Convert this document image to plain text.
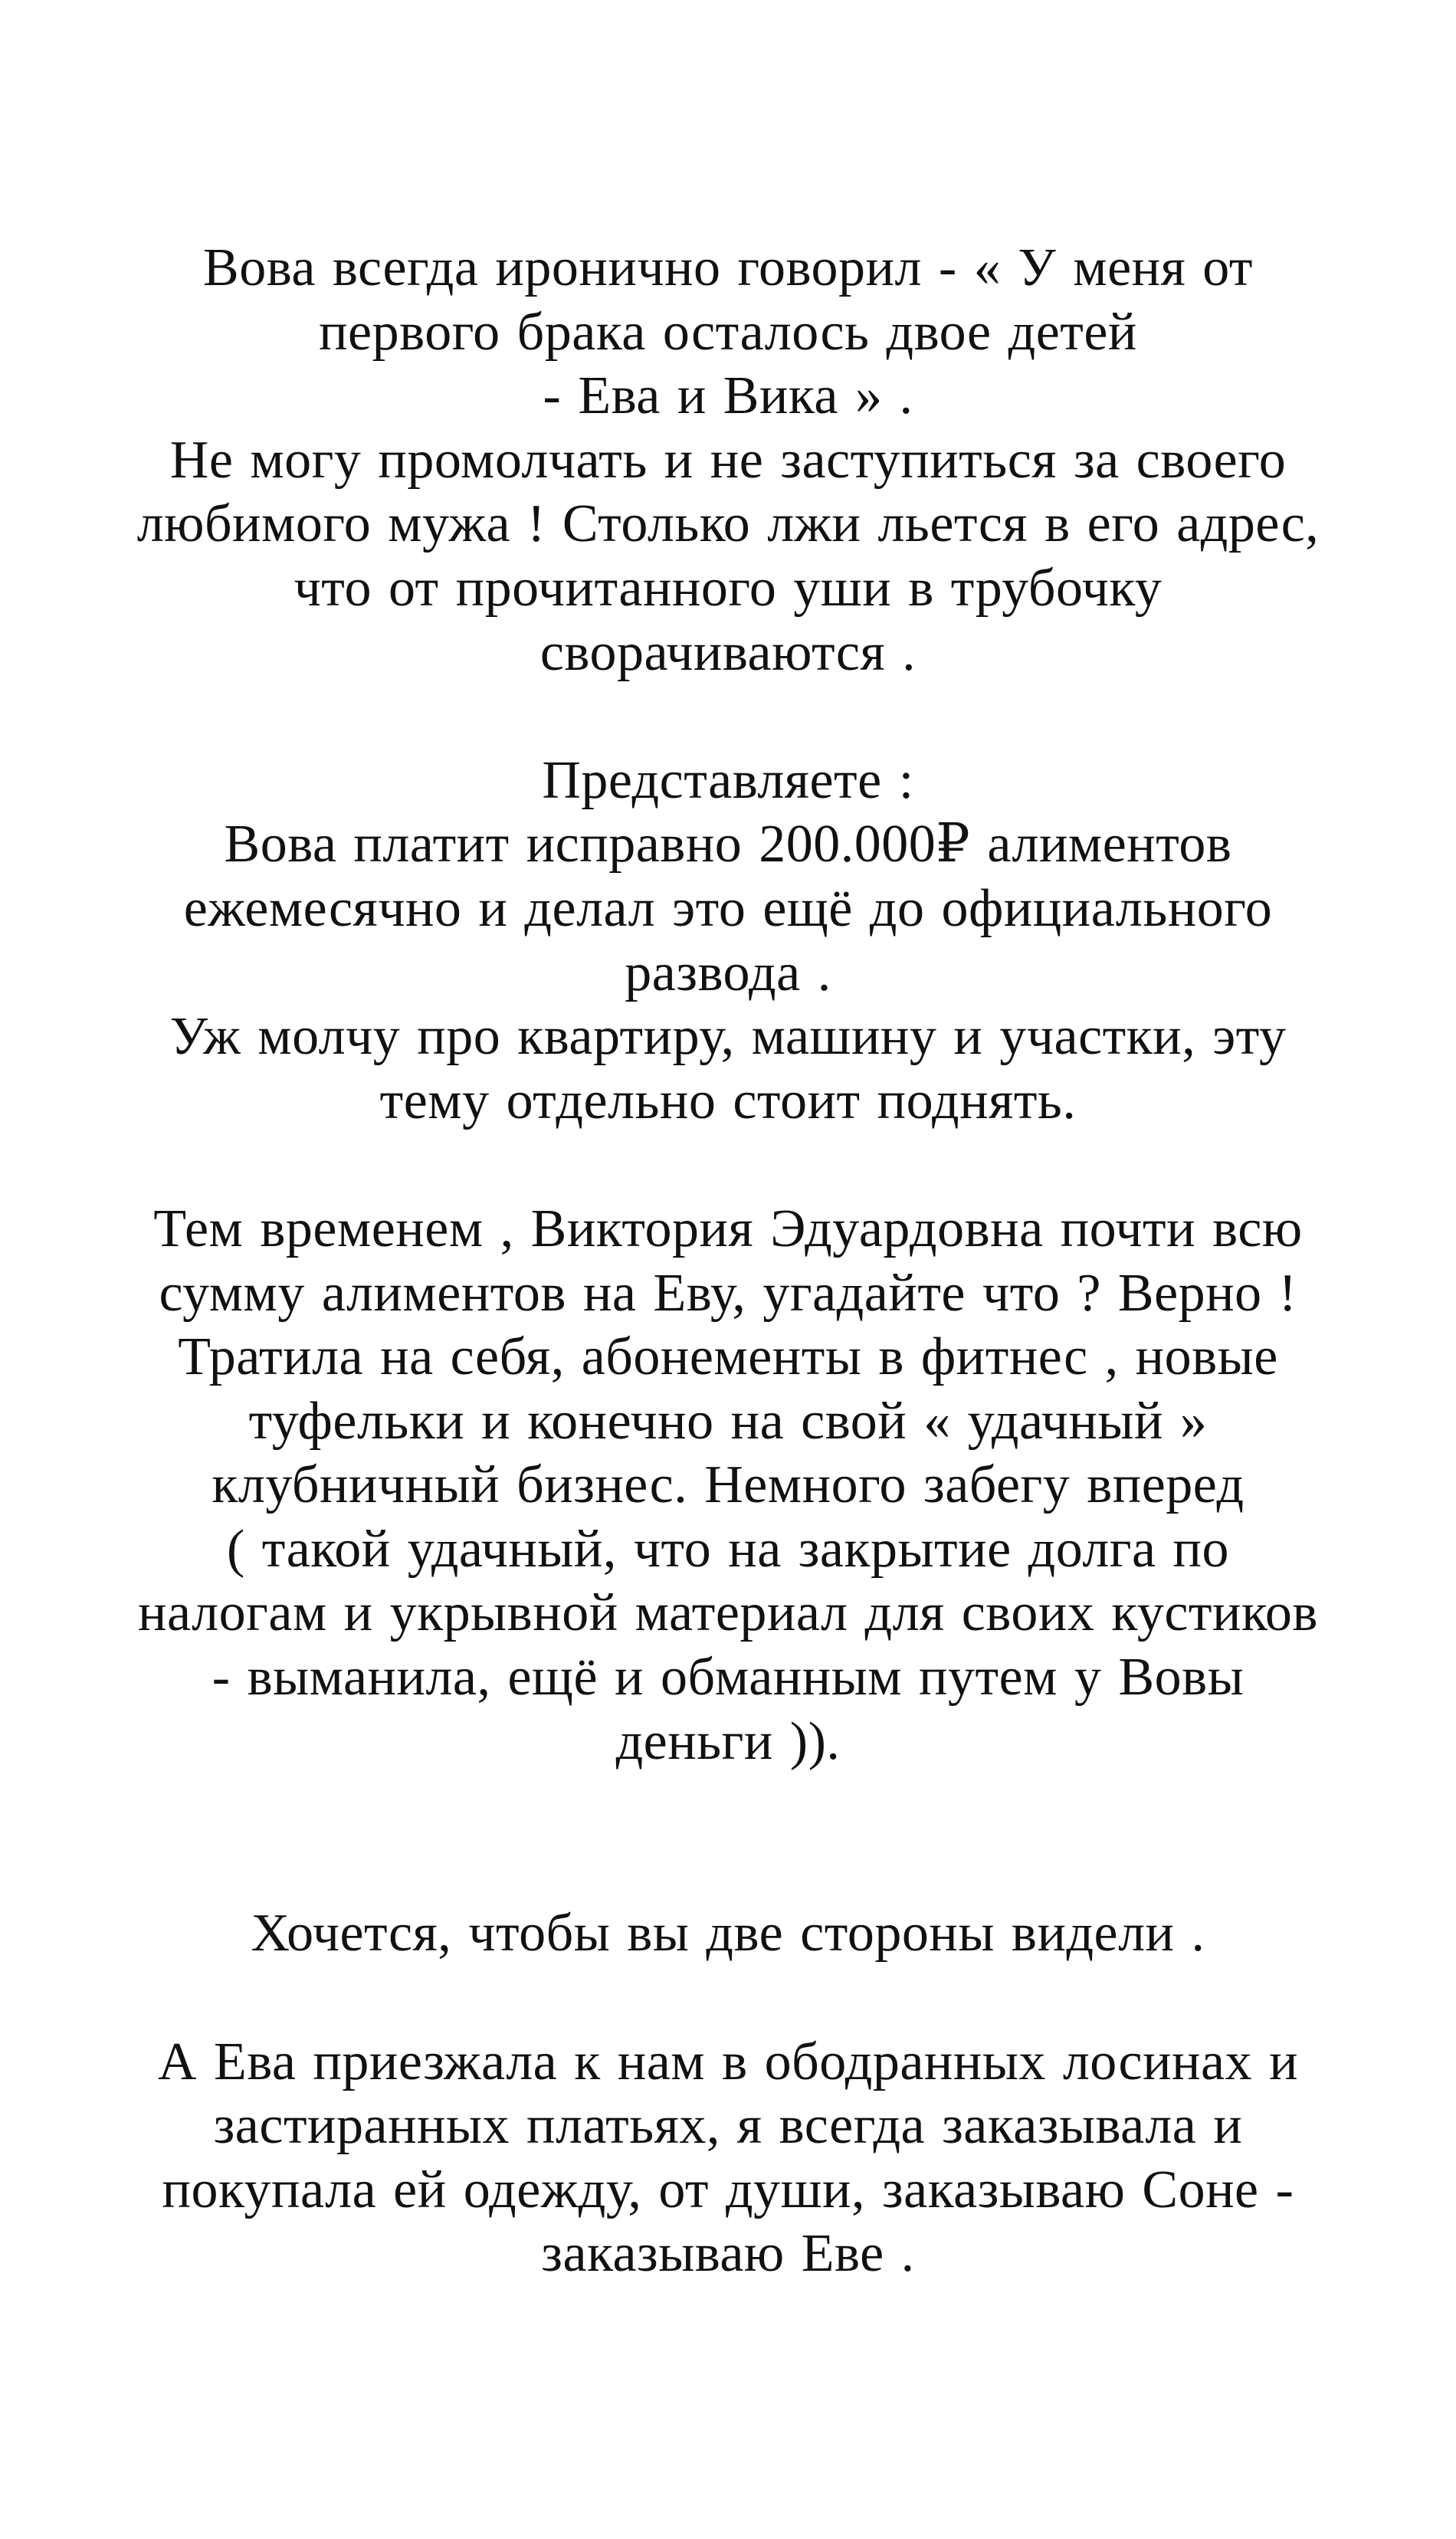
Вова всегда иронично говорил - « У меня от
первого брака осталось двое детей
- Ева и Вика » .
Не могу промолчать и не заступиться за своего
любимого мужа ! Столько лжи льется в его адрес,
что от прочитанного уши в трубочку
сворачиваются .
Представляете :
Вова платит исправно 200.000₽ алиментов
ежемесячно и делал это ещё до официального
развода .
Уж молчу про квартиру, машину и участки, эту
тему отдельно стоит поднять.
Тем временем , Виктория Эдуардовна почти всю
сумму алиментов на Еву, угадайте что ? Верно !
Тратила на себя, абонементы в фитнес , новые
туфельки и конечно на свой « удачный »
клубничный бизнес. Немного забегу вперед
( такой удачный, что на закрытие долга по
налогам и укрывной материал для своих кустиков
- выманила, ещё и обманным путем у Вовы
деньги )).
Хочется, чтобы вы две стороны видели .
А Ева приезжала к нам в ободранных лосинах и
застиранных платьях, я всегда заказывала и
покупала ей одежду, от души, заказываю Соне -
заказываю Еве .
